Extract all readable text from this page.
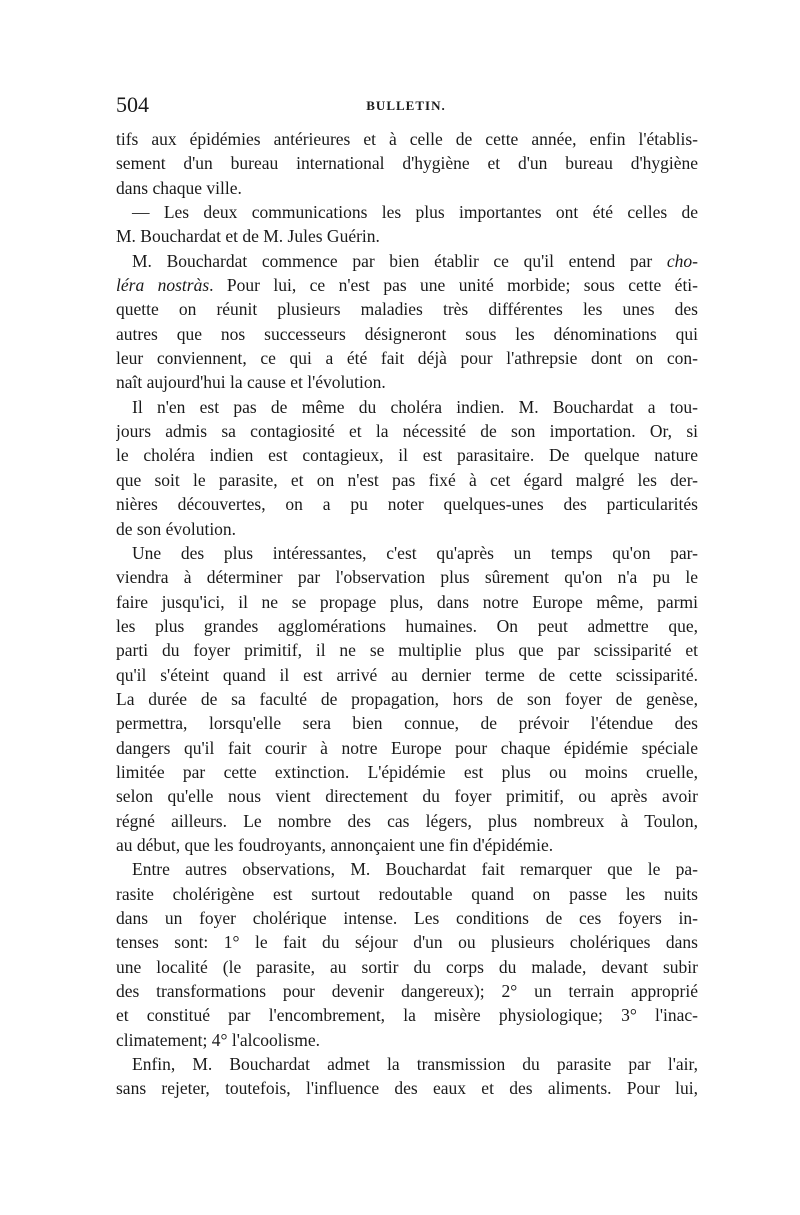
504	BULLETIN.
tifs aux épidémies antérieures et à celle de cette année, enfin l'établis-
sement d'un bureau international d'hygiène et d'un bureau d'hygiène
dans chaque ville.
— Les deux communications les plus importantes ont été celles de
M. Bouchardat et de M. Jules Guérin.
M. Bouchardat commence par bien établir ce qu'il entend par cho-
léra nostràs. Pour lui, ce n'est pas une unité morbide; sous cette éti-
quette on réunit plusieurs maladies très différentes les unes des
autres que nos successeurs désigneront sous les dénominations qui
leur conviennent, ce qui a été fait déjà pour l'athrepsie dont on con-
naît aujourd'hui la cause et l'évolution.
Il n'en est pas de même du choléra indien. M. Bouchardat a tou-
jours admis sa contagiosité et la nécessité de son importation. Or, si
le choléra indien est contagieux, il est parasitaire. De quelque nature
que soit le parasite, et on n'est pas fixé à cet égard malgré les der-
nières découvertes, on a pu noter quelques-unes des particularités
de son évolution.
Une des plus intéressantes, c'est qu'après un temps qu'on par-
viendra à déterminer par l'observation plus sûrement qu'on n'a pu le
faire jusqu'ici, il ne se propage plus, dans notre Europe même, parmi
les plus grandes agglomérations humaines. On peut admettre que,
parti du foyer primitif, il ne se multiplie plus que par scissiparité et
qu'il s'éteint quand il est arrivé au dernier terme de cette scissiparité.
La durée de sa faculté de propagation, hors de son foyer de genèse,
permettra, lorsqu'elle sera bien connue, de prévoir l'étendue des
dangers qu'il fait courir à notre Europe pour chaque épidémie spéciale
limitée par cette extinction. L'épidémie est plus ou moins cruelle,
selon qu'elle nous vient directement du foyer primitif, ou après avoir
régné ailleurs. Le nombre des cas légers, plus nombreux à Toulon,
au début, que les foudroyants, annonçaient une fin d'épidémie.
Entre autres observations, M. Bouchardat fait remarquer que le pa-
rasite cholérigène est surtout redoutable quand on passe les nuits
dans un foyer cholérique intense. Les conditions de ces foyers in-
tenses sont: 1° le fait du séjour d'un ou plusieurs cholériques dans
une localité (le parasite, au sortir du corps du malade, devant subir
des transformations pour devenir dangereux); 2° un terrain approprié
et constitué par l'encombrement, la misère physiologique; 3° l'inac-
climatement; 4° l'alcoolisme.
Enfin, M. Bouchardat admet la transmission du parasite par l'air,
sans rejeter, toutefois, l'influence des eaux et des aliments. Pour lui,
